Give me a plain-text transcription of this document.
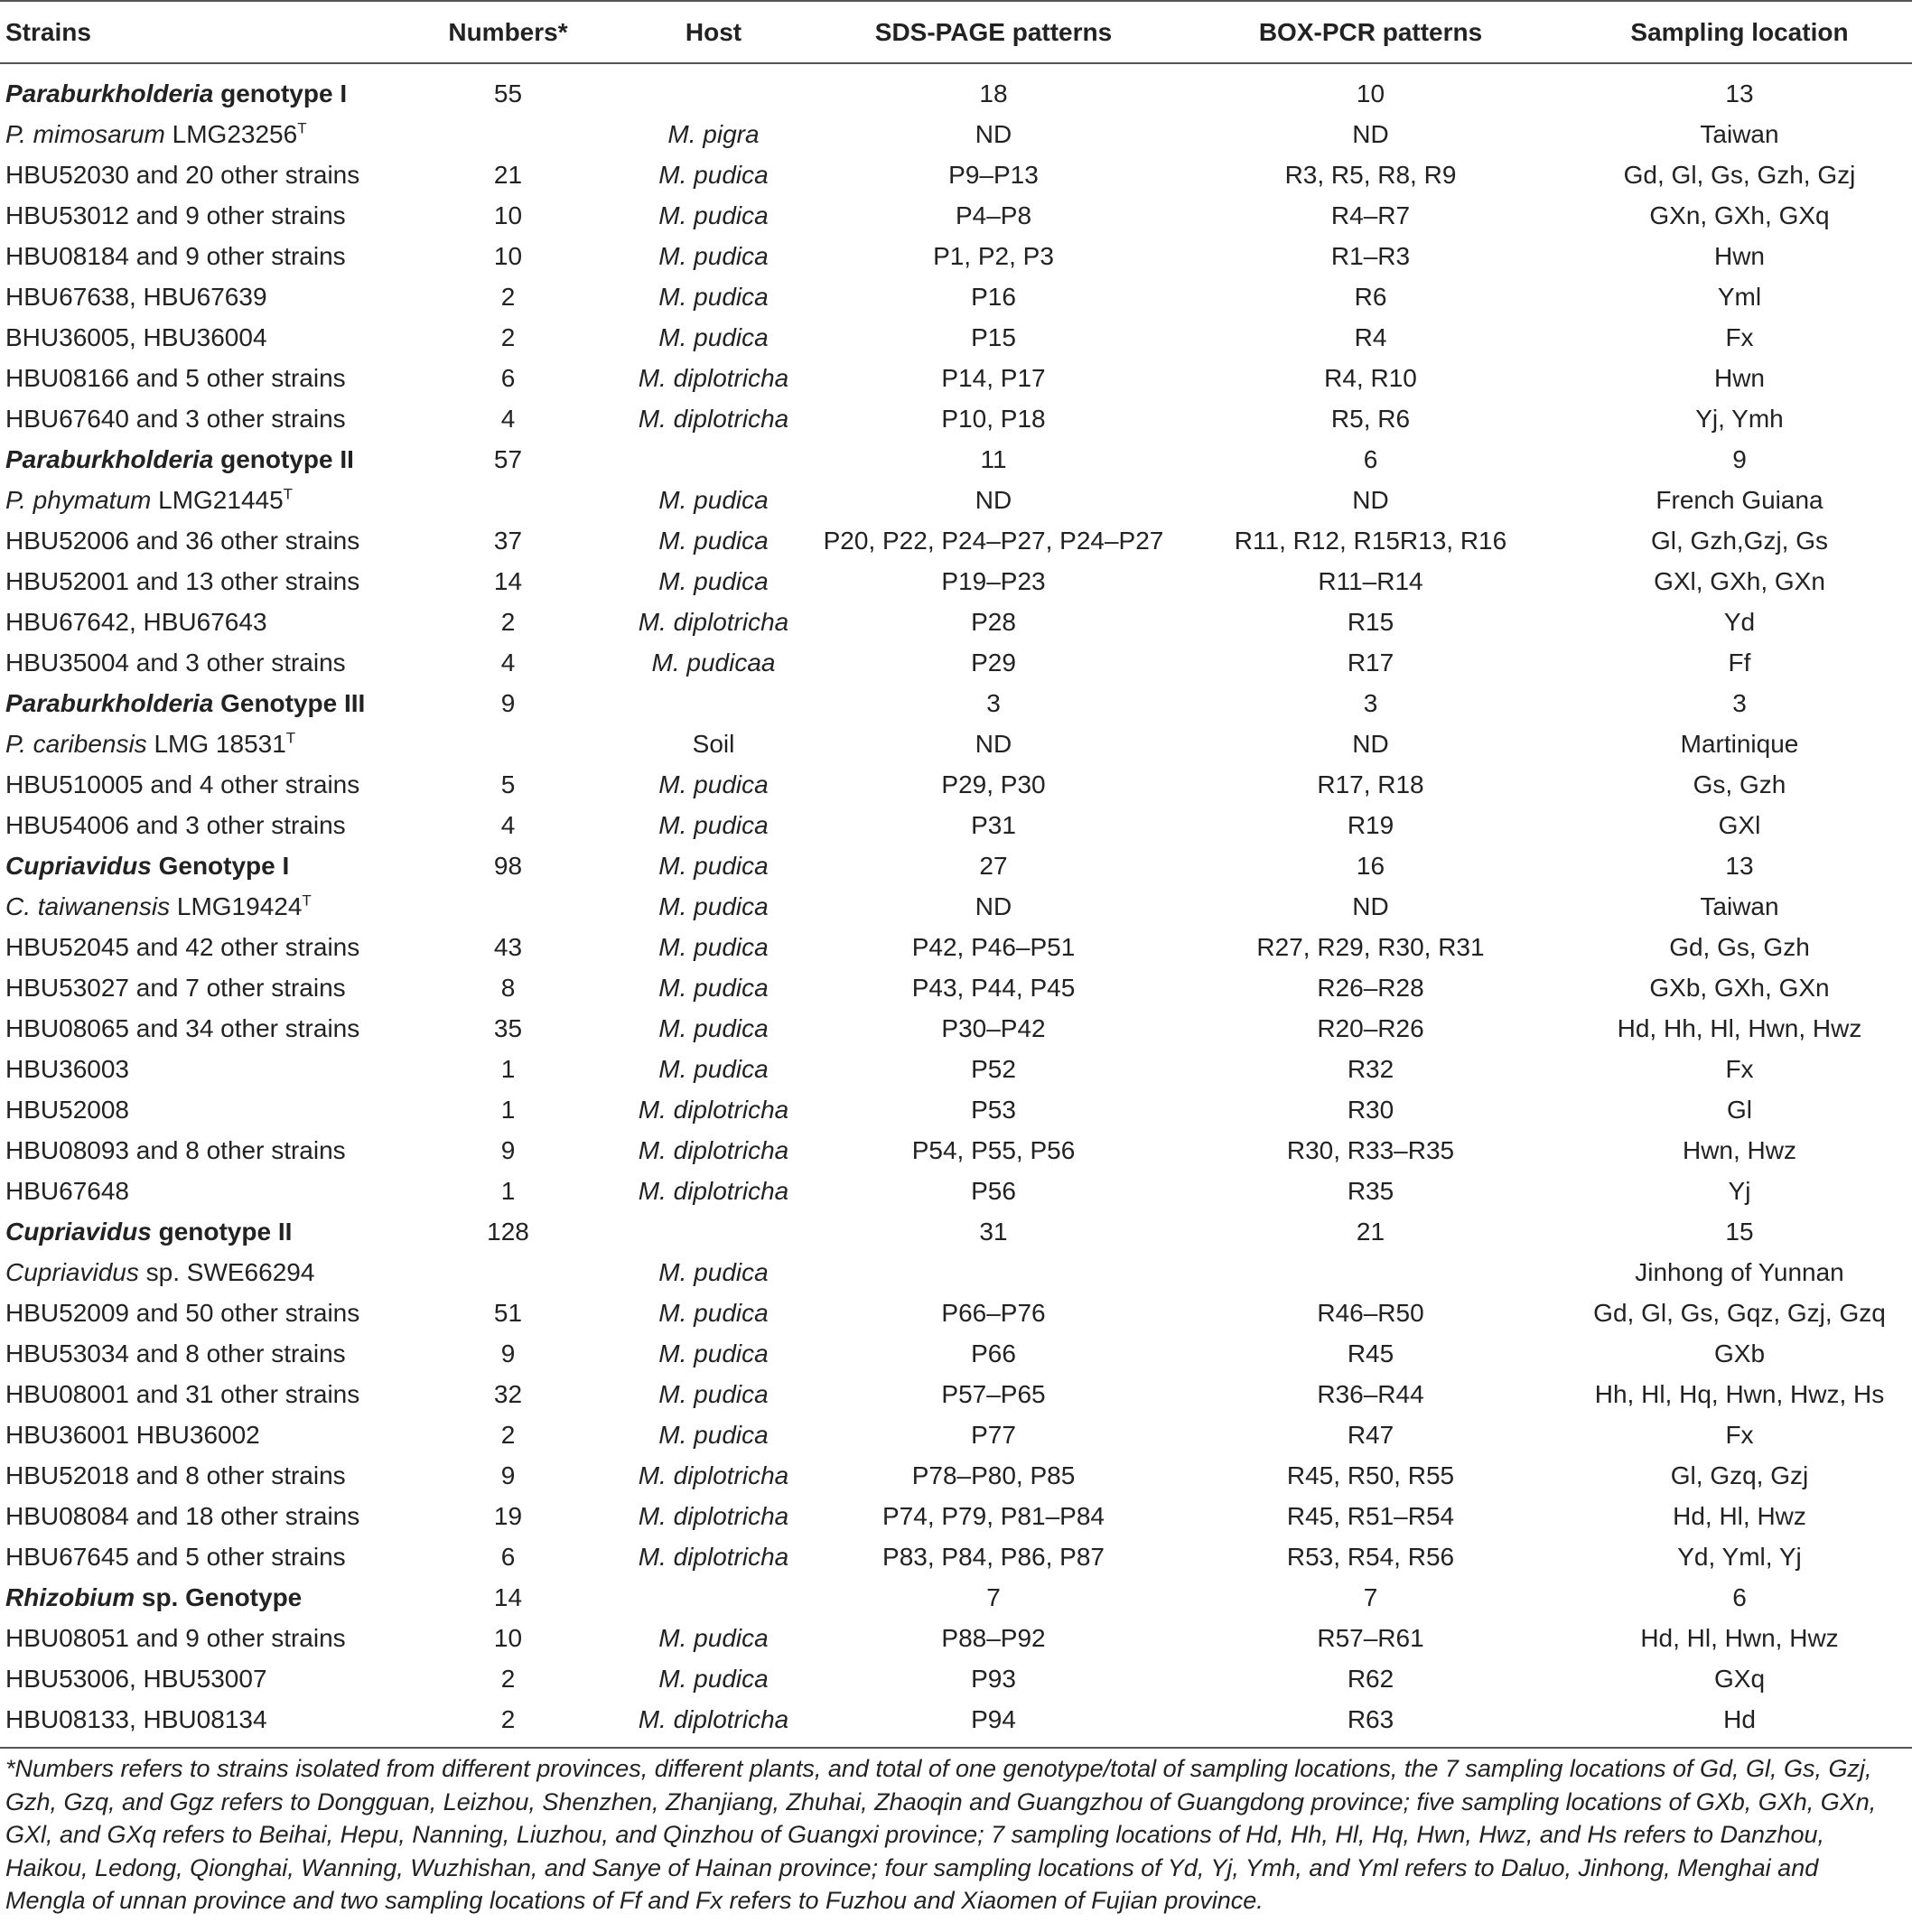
Strains	Numbers*	Host	SDS-PAGE patterns	BOX-PCR patterns	Sampling location
Paraburkholderia genotype I	55		18	10	13
P. mimosarum $LMG23256^T$		M. pigra	ND	ND	Taiwan
HBU52030 and 20 other strains	21	M. pudica	P9–P13	R3, R5, R8, R9	Gd, Gl, Gs, Gzh, Gzj
HBU53012 and 9 other strains	10	M. pudica	P4–P8	R4–R7	GXn, GXh, GXq
HBU08184 and 9 other strains	10	M. pudica	P1, P2, P3	R1–R3	Hwn
HBU67638, HBU67639	2	M. pudica	P16	R6	Yml
BHU36005, HBU36004	2	M. pudica	P15	R4	Fx
HBU08166 and 5 other strains	6	M. diplotricha	P14, P17	R4, R10	Hwn
HBU67640 and 3 other strains	4	M. diplotricha	P10, P18	R5, R6	Yj, Ymh
Paraburkholderia genotype II	57		11	6	9
P. phymatum $LMG21445^T$		M. pudica	ND	ND	French Guiana
HBU52006 and 36 other strains	37	M. pudica	P20, P22, P24–P27, P24–P27	R11, R12, R15R13, R16	Gl, Gzh,Gzj, Gs
HBU52001 and 13 other strains	14	M. pudica	P19–P23	R11–R14	GXl, GXh, GXn
HBU67642, HBU67643	2	M. diplotricha	P28	R15	Yd
HBU35004 and 3 other strains	4	M. pudicaa	P29	R17	Ff
Paraburkholderia Genotype III	9		3	3	3
P. caribensis LMG $18531^T$		Soil	ND	ND	Martinique
HBU510005 and 4 other strains	5	M. pudica	P29, P30	R17, R18	Gs, Gzh
HBU54006 and 3 other strains	4	M. pudica	P31	R19	GXl
Cupriavidus Genotype I	98	M. pudica	27	16	13
C. taiwanensis $LMG19424^T$		M. pudica	ND	ND	Taiwan
HBU52045 and 42 other strains	43	M. pudica	P42, P46–P51	R27, R29, R30, R31	Gd, Gs, Gzh
HBU53027 and 7 other strains	8	M. pudica	P43, P44, P45	R26–R28	GXb, GXh, GXn
HBU08065 and 34 other strains	35	M. pudica	P30–P42	R20–R26	Hd, Hh, Hl, Hwn, Hwz
HBU36003	1	M. pudica	P52	R32	Fx
HBU52008	1	M. diplotricha	P53	R30	Gl
HBU08093 and 8 other strains	9	M. diplotricha	P54, P55, P56	R30, R33–R35	Hwn, Hwz
HBU67648	1	M. diplotricha	P56	R35	Yj
Cupriavidus genotype II	128		31	21	15
Cupriavidus sp. SWE66294		M. pudica			Jinhong of Yunnan
HBU52009 and 50 other strains	51	M. pudica	P66–P76	R46–R50	Gd, Gl, Gs, Gqz, Gzj, Gzq
HBU53034 and 8 other strains	9	M. pudica	P66	R45	GXb
HBU08001 and 31 other strains	32	M. pudica	P57–P65	R36–R44	Hh, Hl, Hq, Hwn, Hwz, Hs
HBU36001 HBU36002	2	M. pudica	P77	R47	Fx
HBU52018 and 8 other strains	9	M. diplotricha	P78–P80, P85	R45, R50, R55	Gl, Gzq, Gzj
HBU08084 and 18 other strains	19	M. diplotricha	P74, P79, P81–P84	R45, R51–R54	Hd, Hl, Hwz
HBU67645 and 5 other strains	6	M. diplotricha	P83, P84, P86, P87	R53, R54, R56	Yd, Yml, Yj
Rhizobium sp. Genotype	14		7	7	6
HBU08051 and 9 other strains	10	M. pudica	P88–P92	R57–R61	Hd, Hl, Hwn, Hwz
HBU53006, HBU53007	2	M. pudica	P93	R62	GXq
HBU08133, HBU08134	2	M. diplotricha	P94	R63	Hd
*Numbers refers to strains isolated from different provinces, different plants, and total of one genotype/total of sampling locations, the 7 sampling locations of Gd, Gl, Gs, Gzj, Gzh, Gzq, and Ggz refers to Dongguan, Leizhou, Shenzhen, Zhanjiang, Zhuhai, Zhaoqin and Guangzhou of Guangdong province; five sampling locations of GXb, GXh, GXn, GXl, and GXq refers to Beihai, Hepu, Nanning, Liuzhou, and Qinzhou of Guangxi province; 7 sampling locations of Hd, Hh, Hl, Hq, Hwn, Hwz, and Hs refers to Danzhou, Haikou, Ledong, Qionghai, Wanning, Wuzhishan, and Sanye of Hainan province; four sampling locations of Yd, Yj, Ymh, and Yml refers to Daluo, Jinhong, Menghai and Mengla of unnan province and two sampling locations of Ff and Fx refers to Fuzhou and Xiaomen of Fujian province.
